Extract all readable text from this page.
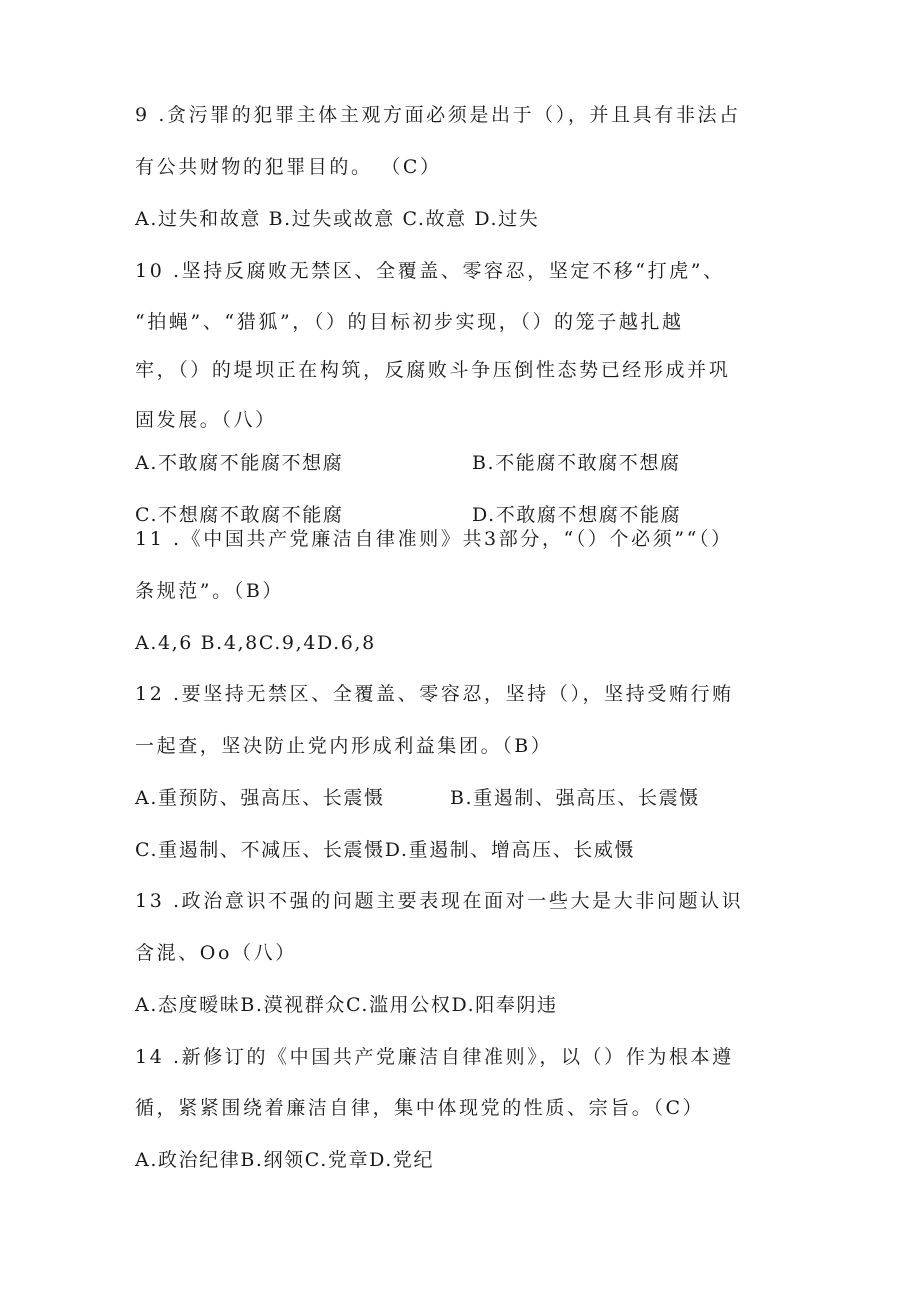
9 .贪污罪的犯罪主体主观方面必须是出于（），并且具有非法占
有公共财物的犯罪目的。 （C）
A.过失和故意 B.过失或故意 C.故意 D.过失
10 .坚持反腐败无禁区、全覆盖、零容忍，坚定不移“打虎”、
“拍蝇”、“猎狐”，（）的目标初步实现，（）的笼子越扎越
牢，（）的堤坝正在构筑，反腐败斗争压倒性态势已经形成并巩
固发展。（八）
A.不敢腐不能腐不想腐	B.不能腐不敢腐不想腐
C.不想腐不敢腐不能腐	D.不敢腐不想腐不能腐
11 .《中国共产党廉洁自律准则》共3部分，“（）个必须”“（）
条规范”。（B）
A.4,6 B.4,8C.9,4D.6,8
12 .要坚持无禁区、全覆盖、零容忍，坚持（），坚持受贿行贿
一起查，坚决防止党内形成利益集团。（B）
A.重预防、强高压、长震慑	B.重遏制、强高压、长震慑
C.重遏制、不减压、长震慑D.重遏制、增高压、长威慑
13 .政治意识不强的问题主要表现在面对一些大是大非问题认识
含混、Oo（八）
A.态度暧昧B.漠视群众C.滥用公权D.阳奉阴违
14 .新修订的《中国共产党廉洁自律准则》，以（）作为根本遵
循，紧紧围绕着廉洁自律，集中体现党的性质、宗旨。（C）
A.政治纪律B.纲领C.党章D.党纪
